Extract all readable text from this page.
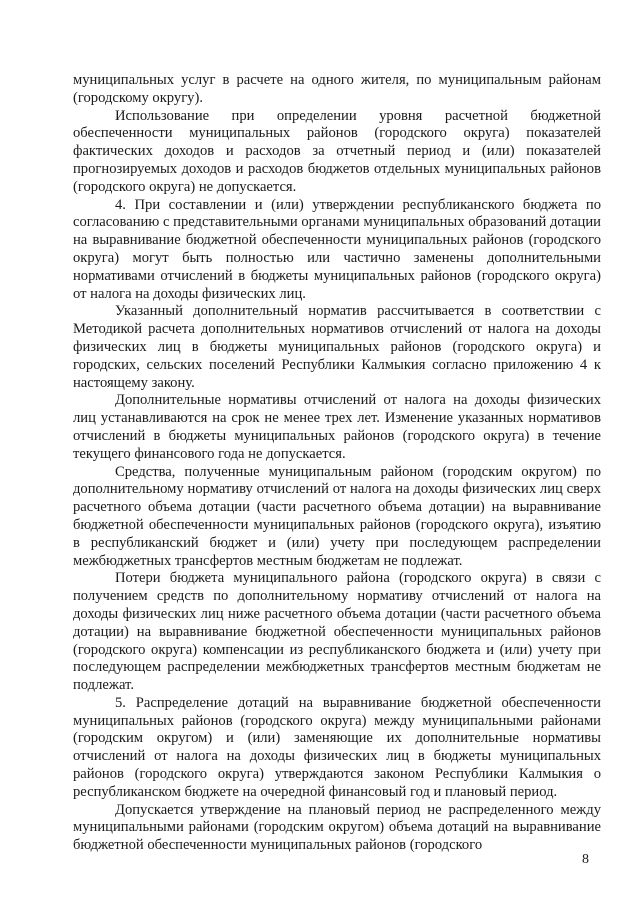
муниципальных услуг в расчете на одного жителя, по муниципальным районам (городскому округу).

Использование при определении уровня расчетной бюджетной обеспеченности муниципальных районов (городского округа) показателей фактических доходов и расходов за отчетный период и (или) показателей прогнозируемых доходов и расходов бюджетов отдельных муниципальных районов (городского округа) не допускается.

4. При составлении и (или) утверждении республиканского бюджета по согласованию с представительными органами муниципальных образований дотации на выравнивание бюджетной обеспеченности муниципальных районов (городского округа) могут быть полностью или частично заменены дополнительными нормативами отчислений в бюджеты муниципальных районов (городского округа) от налога на доходы физических лиц.

Указанный дополнительный норматив рассчитывается в соответствии с Методикой расчета дополнительных нормативов отчислений от налога на доходы физических лиц в бюджеты муниципальных районов (городского округа) и городских, сельских поселений Республики Калмыкия согласно приложению 4 к настоящему закону.

Дополнительные нормативы отчислений от налога на доходы физических лиц устанавливаются на срок не менее трех лет. Изменение указанных нормативов отчислений в бюджеты муниципальных районов (городского округа) в течение текущего финансового года не допускается.

Средства, полученные муниципальным районом (городским округом) по дополнительному нормативу отчислений от налога на доходы физических лиц сверх расчетного объема дотации (части расчетного объема дотации) на выравнивание бюджетной обеспеченности муниципальных районов (городского округа), изъятию в республиканский бюджет и (или) учету при последующем распределении межбюджетных трансфертов местным бюджетам не подлежат.

Потери бюджета муниципального района (городского округа) в связи с получением средств по дополнительному нормативу отчислений от налога на доходы физических лиц ниже расчетного объема дотации (части расчетного объема дотации) на выравнивание бюджетной обеспеченности муниципальных районов (городского округа) компенсации из республиканского бюджета и (или) учету при последующем распределении межбюджетных трансфертов местным бюджетам не подлежат.

5. Распределение дотаций на выравнивание бюджетной обеспеченности муниципальных районов (городского округа) между муниципальными районами (городским округом) и (или) заменяющие их дополнительные нормативы отчислений от налога на доходы физических лиц в бюджеты муниципальных районов (городского округа) утверждаются законом Республики Калмыкия о республиканском бюджете на очередной финансовый год и плановый период.

Допускается утверждение на плановый период не распределенного между муниципальными районами (городским округом) объема дотаций на выравнивание бюджетной обеспеченности муниципальных районов (городского

8
